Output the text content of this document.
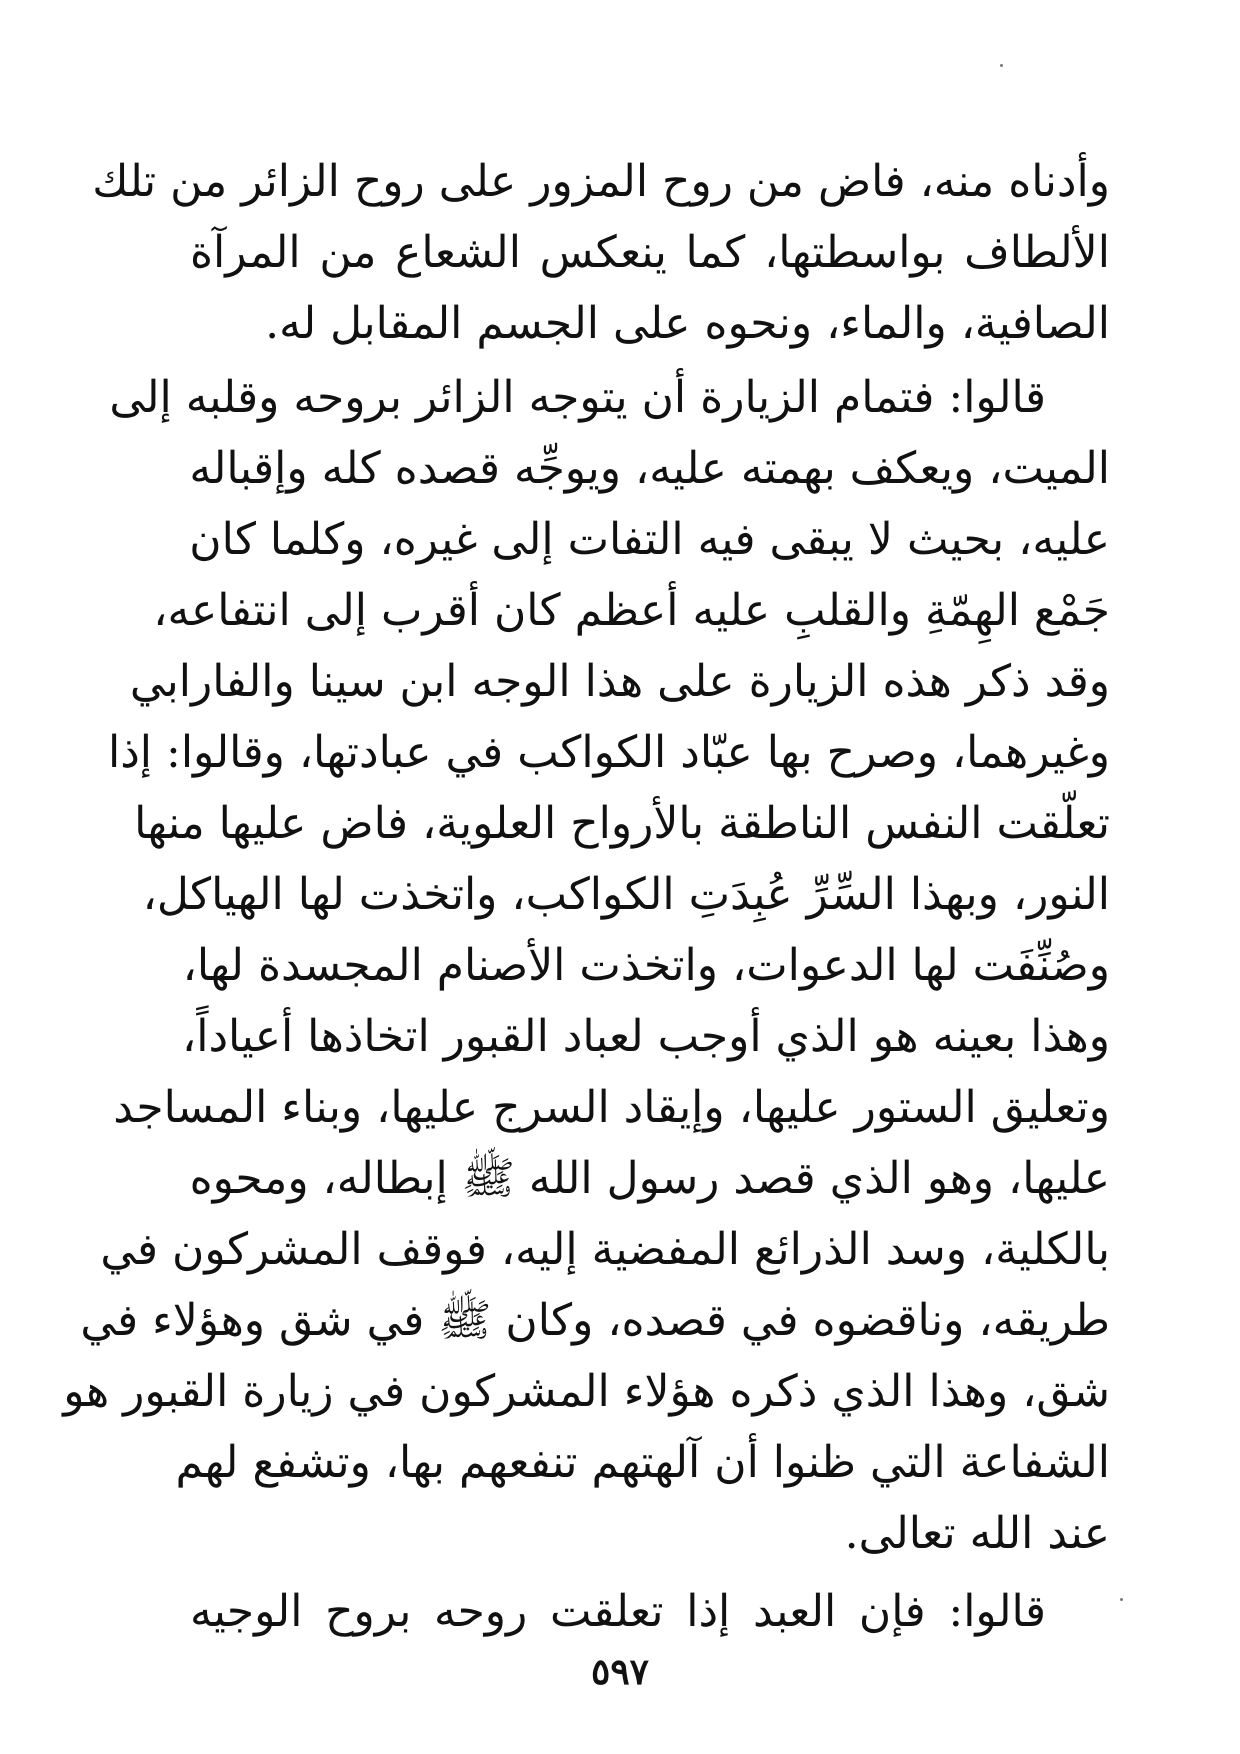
وأدناه منه، فاض من روح المزور على روح الزائر من تلك
الألطاف بواسطتها، كما ينعكس الشعاع من المرآة
الصافية، والماء، ونحوه على الجسم المقابل له.

قالوا: فتمام الزيارة أن يتوجه الزائر بروحه وقلبه إلى
الميت، ويعكف بهمته عليه، ويوجِّه قصده كله وإقباله
عليه، بحيث لا يبقى فيه التفات إلى غيره، وكلما كان
جَمْع الهِمّةِ والقلبِ عليه أعظم كان أقرب إلى انتفاعه،
وقد ذكر هذه الزيارة على هذا الوجه ابن سينا والفارابي
وغيرهما، وصرح بها عبّاد الكواكب في عبادتها، وقالوا: إذا
تعلّقت النفس الناطقة بالأرواح العلوية، فاض عليها منها
النور، وبهذا السِّرِّ عُبِدَتِ الكواكب، واتخذت لها الهياكل،
وصُنِّفَت لها الدعوات، واتخذت الأصنام المجسدة لها،
وهذا بعينه هو الذي أوجب لعباد القبور اتخاذها أعياداً،
وتعليق الستور عليها، وإيقاد السرج عليها، وبناء المساجد
عليها، وهو الذي قصد رسول الله ﷺ إبطاله، ومحوه
بالكلية، وسد الذرائع المفضية إليه، فوقف المشركون في
طريقه، وناقضوه في قصده، وكان ﷺ في شق وهؤلاء في
شق، وهذا الذي ذكره هؤلاء المشركون في زيارة القبور هو
الشفاعة التي ظنوا أن آلهتهم تنفعهم بها، وتشفع لهم
عند الله تعالى.

قالوا: فإن العبد إذا تعلقت روحه بروح الوجيه

٥٩٧
